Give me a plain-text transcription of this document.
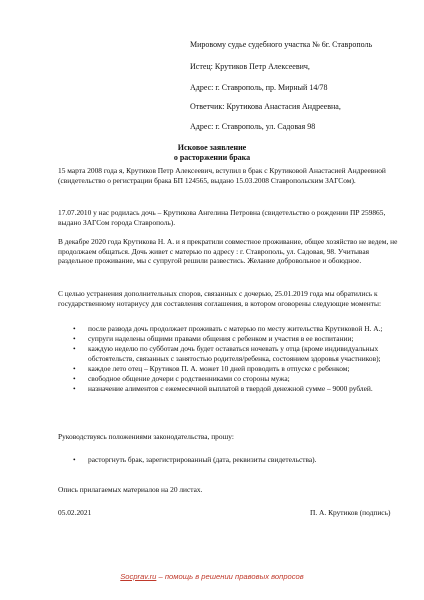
Мировому судье судебного участка № 6г. Ставрополь
Истец: Крутиков Петр Алексеевич,
Адрес: г. Ставрополь, пр. Мирный 14/78
Ответчик: Крутикова Анастасия Андреевна,
Адрес: г. Ставрополь, ул. Садовая 98
Исковое заявление
о расторжении брака
15 марта 2008 года я, Крутиков Петр Алексеевич, вступил в брак с Крутиковой Анастасией Андреевной (свидетельство о регистрации брака БП 124565, выдано 15.03.2008 Ставропольским ЗАГСом).
17.07.2010 у нас родилась дочь – Крутикова Ангелина Петровна (свидетельство о рождении ПР 259865, выдано ЗАГСом города Ставрополь).
В декабре 2020 года Крутикова Н. А. и я прекратили совместное проживание, общее хозяйство не ведем, не продолжаем общаться. Дочь живет с матерью по адресу : г. Ставрополь, ул. Садовая, 98. Учитывая раздельное проживание, мы с супругой решили развестись. Желание добровольное и обоюдное.
С целью устранения дополнительных споров, связанных с дочерью, 25.01.2019 года мы обратились к государственному нотариусу для составления соглашения, в котором оговорены следующие моменты:
• после развода дочь продолжает проживать с матерью по месту жительства Крутиковой Н. А.;
• супруги наделены общими правами общения с ребенком и участия в ее воспитании;
• каждую неделю по субботам дочь будет оставаться ночевать у отца (кроме индивидуальных обстоятельств, связанных с занятостью родителя/ребенка, состоянием здоровья участников);
• каждое лето отец – Крутиков П. А. может 10 дней проводить в отпуске с ребенком;
• свободное общение дочери с родственниками со стороны мужа;
• назначение алиментов с ежемесячной выплатой в твердой денежной сумме – 9000 рублей.
Руководствуясь положениями законодательства, прошу:
• расторгнуть брак, зарегистрированный (дата, реквизиты свидетельства).
Опись прилагаемых материалов на 20 листах.
05.02.2021	П. А. Крутиков (подпись)
Socprav.ru – помощь в решении правовых вопросов
